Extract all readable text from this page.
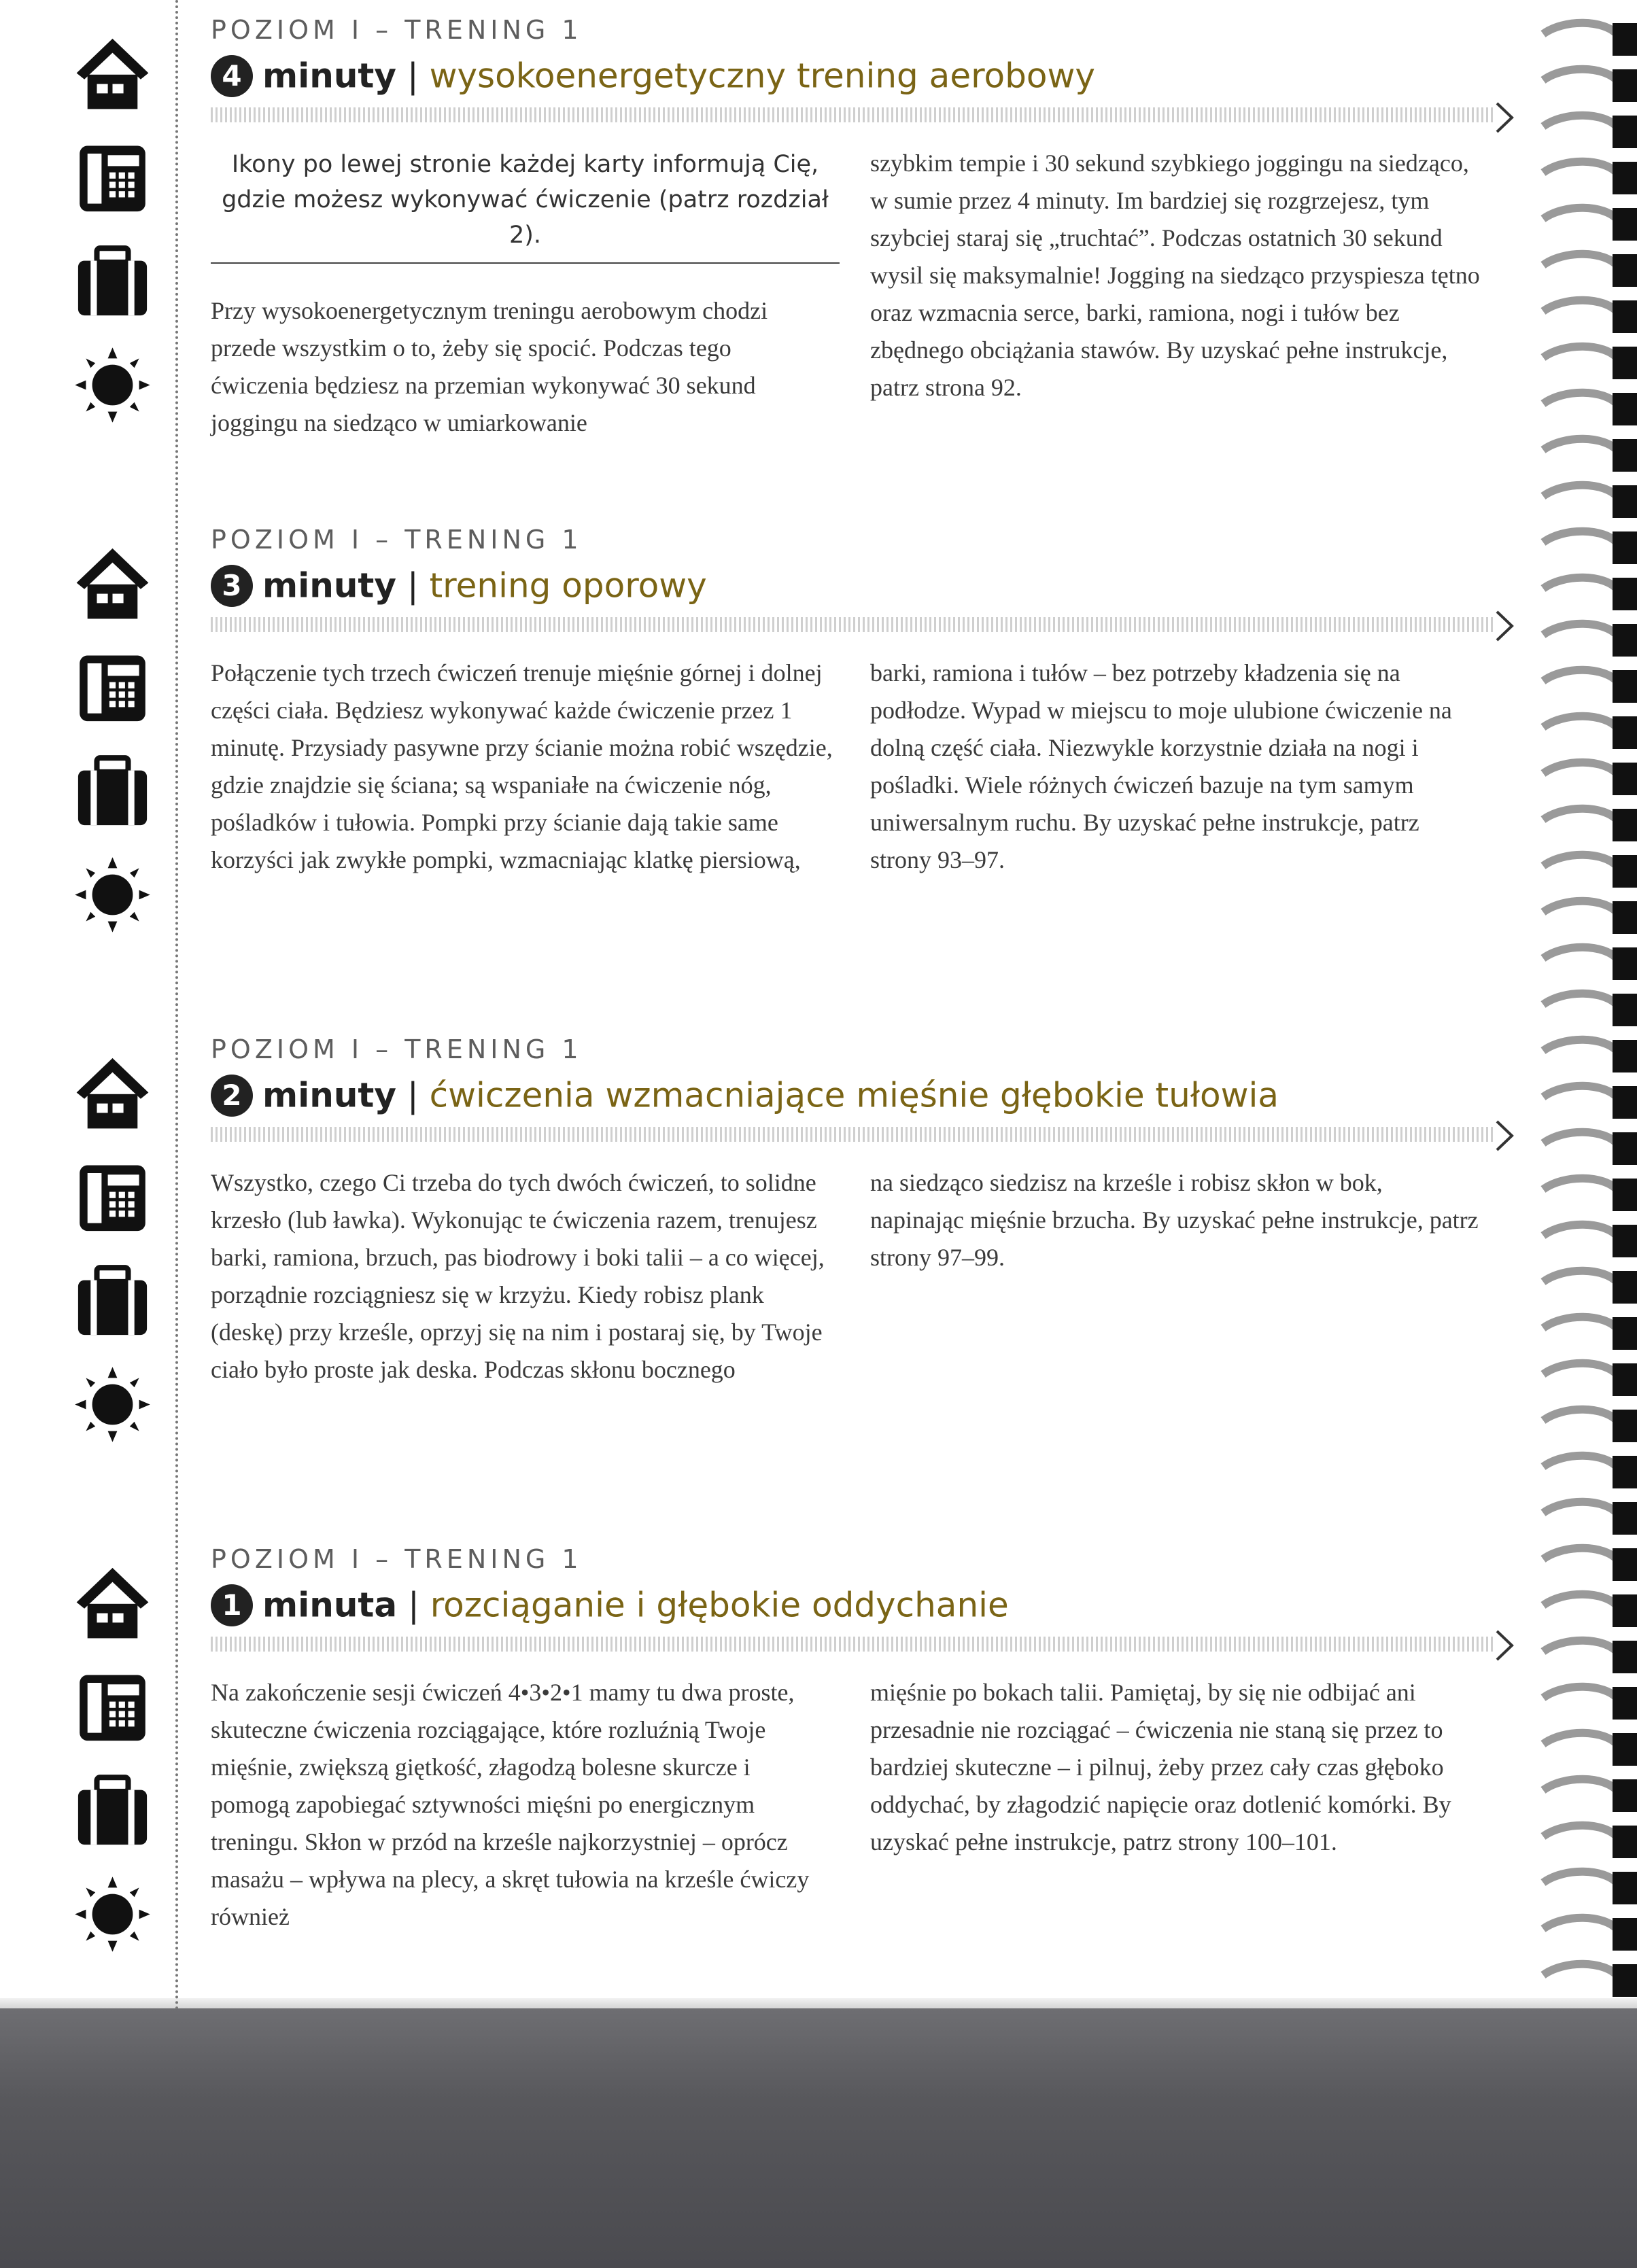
POZIOM I – TRENING 1
4 minuty | wysokoenergetyczny trening aerobowy
Ikony po lewej stronie każdej karty informują Cię, gdzie możesz wykonywać ćwiczenie (patrz rozdział 2).

Przy wysokoenergetycznym treningu aerobowym chodzi przede wszystkim o to, żeby się spocić. Podczas tego ćwiczenia będziesz na przemian wykonywać 30 sekund joggingu na siedząco w umiarkowanie

szybkim tempie i 30 sekund szybkiego joggingu na siedząco, w sumie przez 4 minuty. Im bardziej się rozgrzejesz, tym szybciej staraj się „truchtać”. Podczas ostatnich 30 sekund wysil się maksymalnie! Jogging na siedząco przyspiesza tętno oraz wzmacnia serce, barki, ramiona, nogi i tułów bez zbędnego obciążania stawów. By uzyskać pełne instrukcje, patrz strona 92.

POZIOM I – TRENING 1
3 minuty | trening oporowy

Połączenie tych trzech ćwiczeń trenuje mięśnie górnej i dolnej części ciała. Będziesz wykonywać każde ćwiczenie przez 1 minutę. Przysiady pasywne przy ścianie można robić wszędzie, gdzie znajdzie się ściana; są wspaniałe na ćwiczenie nóg, pośladków i tułowia. Pompki przy ścianie dają takie same korzyści jak zwykłe pompki, wzmacniając klatkę piersiową,

barki, ramiona i tułów – bez potrzeby kładzenia się na podłodze. Wypad w miejscu to moje ulubione ćwiczenie na dolną część ciała. Niezwykle korzystnie działa na nogi i pośladki. Wiele różnych ćwiczeń bazuje na tym samym uniwersalnym ruchu. By uzyskać pełne instrukcje, patrz strony 93–97.

POZIOM I – TRENING 1
2 minuty | ćwiczenia wzmacniające mięśnie głębokie tułowia

Wszystko, czego Ci trzeba do tych dwóch ćwiczeń, to solidne krzesło (lub ławka). Wykonując te ćwiczenia razem, trenujesz barki, ramiona, brzuch, pas biodrowy i boki talii – a co więcej, porządnie rozciągniesz się w krzyżu. Kiedy robisz plank (deskę) przy krześle, oprzyj się na nim i postaraj się, by Twoje ciało było proste jak deska. Podczas skłonu bocznego

na siedząco siedzisz na krześle i robisz skłon w bok, napinając mięśnie brzucha. By uzyskać pełne instrukcje, patrz strony 97–99.

POZIOM I – TRENING 1
1 minuta | rozciąganie i głębokie oddychanie

Na zakończenie sesji ćwiczeń 4•3•2•1 mamy tu dwa proste, skuteczne ćwiczenia rozciągające, które rozluźnią Twoje mięśnie, zwiększą giętkość, złagodzą bolesne skurcze i pomogą zapobiegać sztywności mięśni po energicznym treningu. Skłon w przód na krześle najkorzystniej – oprócz masażu – wpływa na plecy, a skręt tułowia na krześle ćwiczy również

mięśnie po bokach talii. Pamiętaj, by się nie odbijać ani przesadnie nie rozciągać – ćwiczenia nie staną się przez to bardziej skuteczne – i pilnuj, żeby przez cały czas głęboko oddychać, by złagodzić napięcie oraz dotlenić komórki. By uzyskać pełne instrukcje, patrz strony 100–101.
